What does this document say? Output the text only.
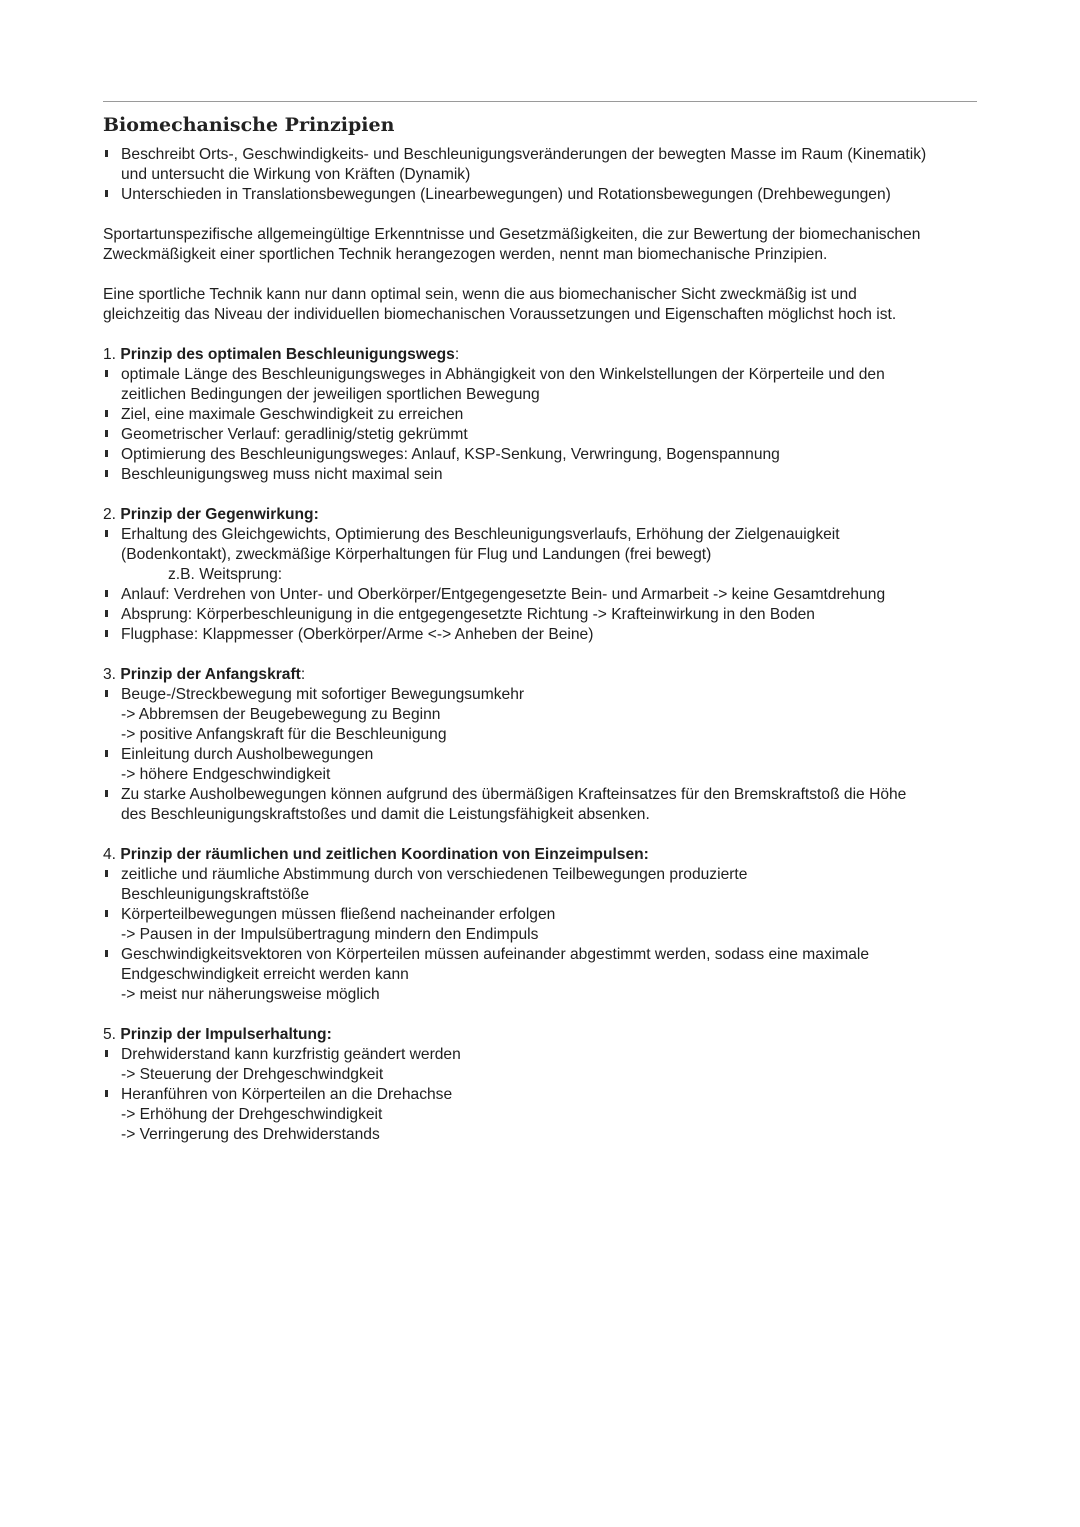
Biomechanische Prinzipien
Beschreibt Orts-, Geschwindigkeits- und Beschleunigungsveränderungen der bewegten Masse im Raum (Kinematik)
und untersucht die Wirkung von Kräften (Dynamik)
Unterschieden in Translationsbewegungen (Linearbewegungen) und Rotationsbewegungen (Drehbewegungen)
Sportartunspezifische allgemeingültige Erkenntnisse und Gesetzmäßigkeiten, die zur Bewertung der biomechanischen
Zweckmäßigkeit einer sportlichen Technik herangezogen werden, nennt man biomechanische Prinzipien.
Eine sportliche Technik kann nur dann optimal sein, wenn die aus biomechanischer Sicht zweckmäßig ist und
gleichzeitig das Niveau der individuellen biomechanischen Voraussetzungen und Eigenschaften möglichst hoch ist.
1. Prinzip des optimalen Beschleunigungswegs:
optimale Länge des Beschleunigungsweges in Abhängigkeit von den Winkelstellungen der Körperteile und den
zeitlichen Bedingungen der jeweiligen sportlichen Bewegung
Ziel, eine maximale Geschwindigkeit zu erreichen
Geometrischer Verlauf: geradlinig/stetig gekrümmt
Optimierung des Beschleunigungsweges: Anlauf, KSP-Senkung, Verwringung, Bogenspannung
Beschleunigungsweg muss nicht maximal sein
2. Prinzip der Gegenwirkung:
Erhaltung des Gleichgewichts, Optimierung des Beschleunigungsverlaufs, Erhöhung der Zielgenauigkeit
(Bodenkontakt), zweckmäßige Körperhaltungen für Flug und Landungen (frei bewegt)
z.B. Weitsprung:
Anlauf: Verdrehen von Unter- und Oberkörper/Entgegengesetzte Bein- und Armarbeit -> keine Gesamtdrehung
Absprung: Körperbeschleunigung in die entgegengesetzte Richtung -> Krafteinwirkung in den Boden
Flugphase: Klappmesser (Oberkörper/Arme <-> Anheben der Beine)
3. Prinzip der Anfangskraft:
Beuge-/Streckbewegung mit sofortiger Bewegungsumkehr
-> Abbremsen der Beugebewegung zu Beginn
-> positive Anfangskraft für die Beschleunigung
Einleitung durch Ausholbewegungen
-> höhere Endgeschwindigkeit
Zu starke Ausholbewegungen können aufgrund des übermäßigen Krafteinsatzes für den Bremskraftstoß die Höhe
des Beschleunigungskraftstoßes und damit die Leistungsfähigkeit absenken.
4. Prinzip der räumlichen und zeitlichen Koordination von Einzeimpulsen:
zeitliche und räumliche Abstimmung durch von verschiedenen Teilbewegungen produzierte
Beschleunigungskraftstöße
Körperteilbewegungen müssen fließend nacheinander erfolgen
-> Pausen in der Impulsübertragung mindern den Endimpuls
Geschwindigkeitsvektoren von Körperteilen müssen aufeinander abgestimmt werden, sodass eine maximale
Endgeschwindigkeit erreicht werden kann
-> meist nur näherungsweise möglich
5. Prinzip der Impulserhaltung:
Drehwiderstand kann kurzfristig geändert werden
-> Steuerung der Drehgeschwindgkeit
Heranführen von Körperteilen an die Drehachse
-> Erhöhung der Drehgeschwindigkeit
-> Verringerung des Drehwiderstands
